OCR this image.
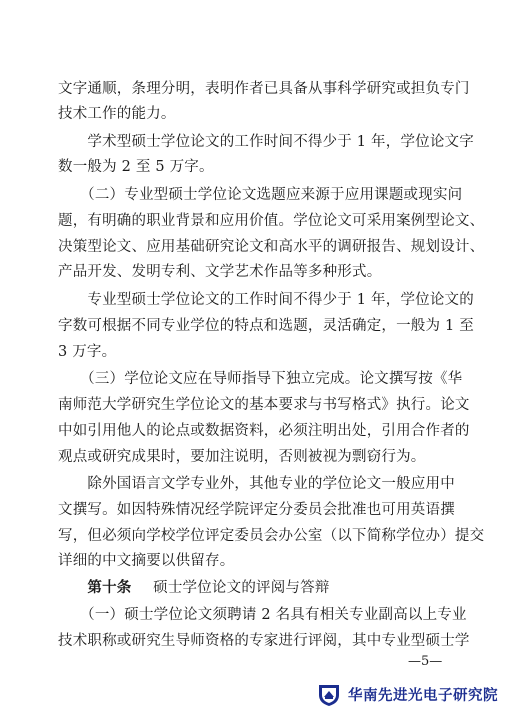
文字通顺，条理分明，表明作者已具备从事科学研究或担负专门
技术工作的能力。
　　学术型硕士学位论文的工作时间不得少于 1 年，学位论文字
数一般为 2 至 5 万字。
　　（二）专业型硕士学位论文选题应来源于应用课题或现实问
题，有明确的职业背景和应用价值。学位论文可采用案例型论文、
决策型论文、应用基础研究论文和高水平的调研报告、规划设计、
产品开发、发明专利、文学艺术作品等多种形式。
　　专业型硕士学位论文的工作时间不得少于 1 年，学位论文的
字数可根据不同专业学位的特点和选题，灵活确定，一般为 1 至
3 万字。
　　（三）学位论文应在导师指导下独立完成。论文撰写按《华
南师范大学研究生学位论文的基本要求与书写格式》执行。论文
中如引用他人的论点或数据资料，必须注明出处，引用合作者的
观点或研究成果时，要加注说明，否则被视为剽窃行为。
　　除外国语言文学专业外，其他专业的学位论文一般应用中
文撰写。如因特殊情况经学院评定分委员会批准也可用英语撰
写，但必须向学校学位评定委员会办公室（以下简称学位办）提交
详细的中文摘要以供留存。
　　第十条 硕士学位论文的评阅与答辩
　　（一）硕士学位论文须聘请 2 名具有相关专业副高以上专业
技术职称或研究生导师资格的专家进行评阅，其中专业型硕士学
—5—
华南先进光电子研究院
